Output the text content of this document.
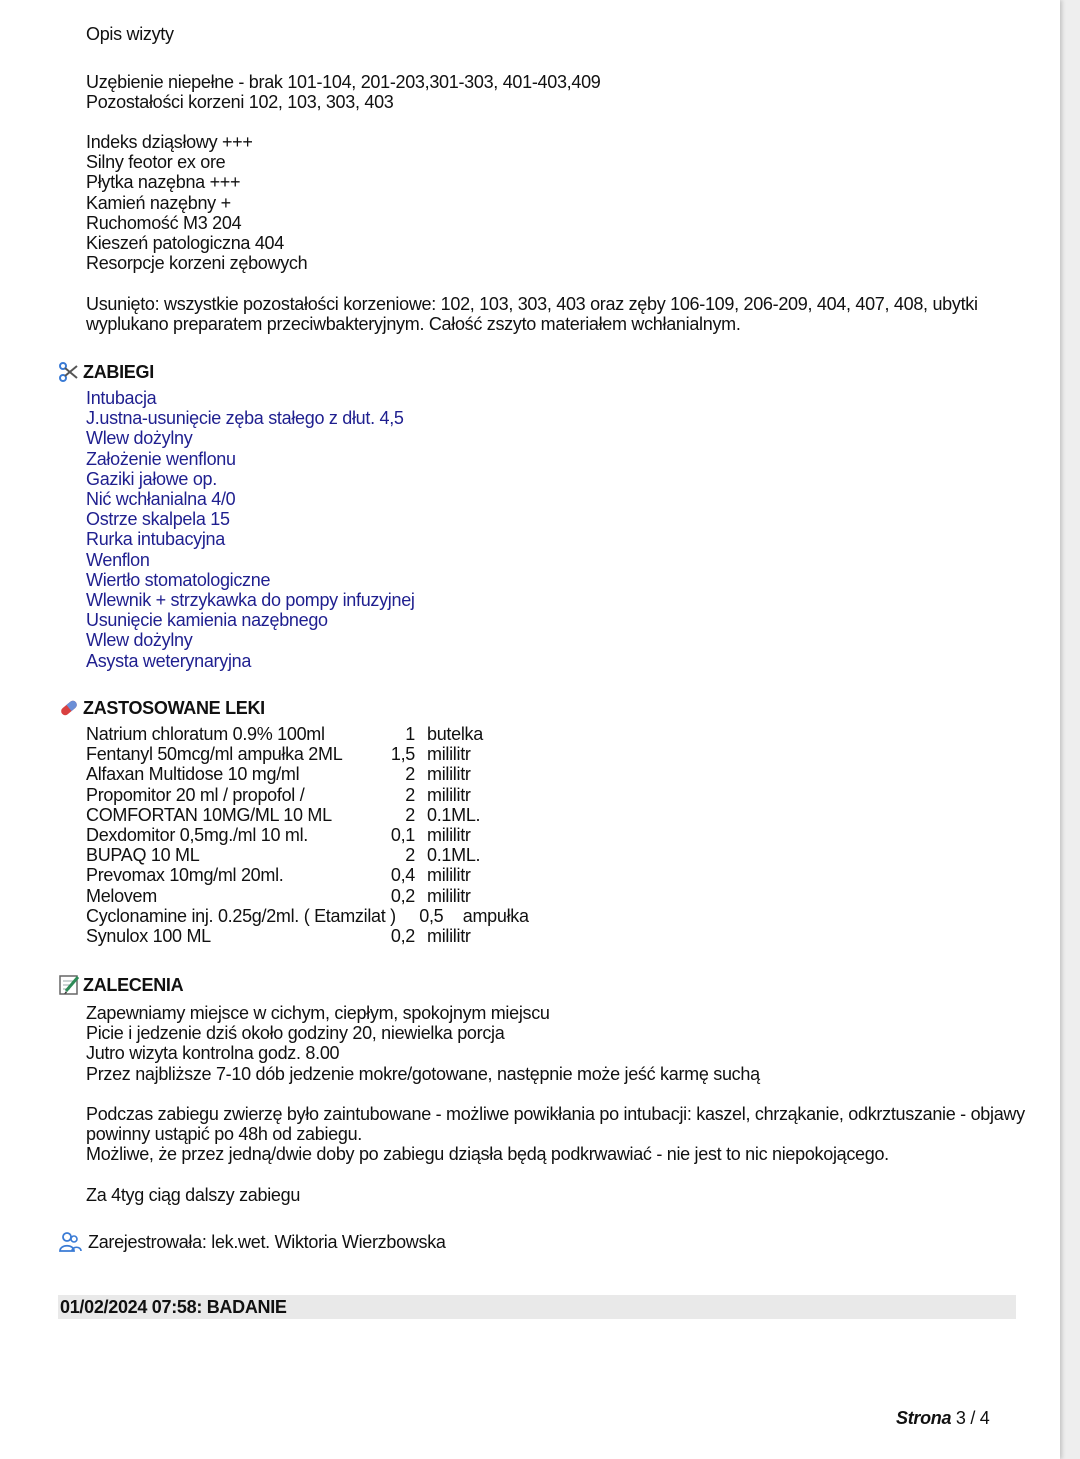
Opis wizyty
Uzębienie niepełne - brak 101-104, 201-203,301-303, 401-403,409
Pozostałości korzeni 102, 103, 303, 403
Indeks dziąsłowy +++
Silny feotor ex ore
Płytka nazębna +++
Kamień nazębny +
Ruchomość M3 204
Kieszeń patologiczna 404
Resorpcje korzeni zębowych
Usunięto: wszystkie pozostałości korzeniowe: 102, 103, 303, 403 oraz zęby 106-109, 206-209, 404, 407, 408, ubytki wyplukano preparatem przeciwbakteryjnym. Całość zszyto materiałem wchłanialnym.
ZABIEGI
Intubacja
J.ustna-usunięcie zęba stałego z dłut. 4,5
Wlew dożylny
Założenie wenflonu
Gaziki jałowe op.
Nić wchłanialna 4/0
Ostrze skalpela 15
Rurka intubacyjna
Wenflon
Wiertło stomatologiczne
Wlewnik + strzykawka do pompy infuzyjnej
Usunięcie kamienia nazębnego
Wlew dożylny
Asysta weterynaryjna
ZASTOSOWANE LEKI
Natrium chloratum 0.9% 100ml	1	butelka
Fentanyl 50mcg/ml ampułka 2ML	1,5	mililitr
Alfaxan Multidose 10 mg/ml	2	mililitr
Propomitor 20 ml / propofol /	2	mililitr
COMFORTAN 10MG/ML 10 ML	2	0.1ML.
Dexdomitor 0,5mg./ml 10 ml.	0,1	mililitr
BUPAQ 10 ML	2	0.1ML.
Prevomax 10mg/ml 20ml.	0,4	mililitr
Melovem	0,2	mililitr
Cyclonamine inj. 0.25g/2ml. ( Etamzilat ) 0,5 ampułka		
Synulox 100 ML	0,2	mililitr
ZALECENIA
Zapewniamy miejsce w cichym, ciepłym, spokojnym miejscu
Picie i jedzenie dziś około godziny 20, niewielka porcja
Jutro wizyta kontrolna godz. 8.00
Przez najbliższe 7-10 dób jedzenie mokre/gotowane, następnie może jeść karmę suchą
Podczas zabiegu zwierzę było zaintubowane - możliwe powikłania po intubacji: kaszel, chrząkanie, odkrztuszanie - objawy powinny ustąpić po 48h od zabiegu.
Możliwe, że przez jedną/dwie doby po zabiegu dziąsła będą podkrwawiać - nie jest to nic niepokojącego.
Za 4tyg ciąg dalszy zabiegu
Zarejestrowała: lek.wet. Wiktoria Wierzbowska
01/02/2024 07:58: BADANIE
Strona 3 / 4
